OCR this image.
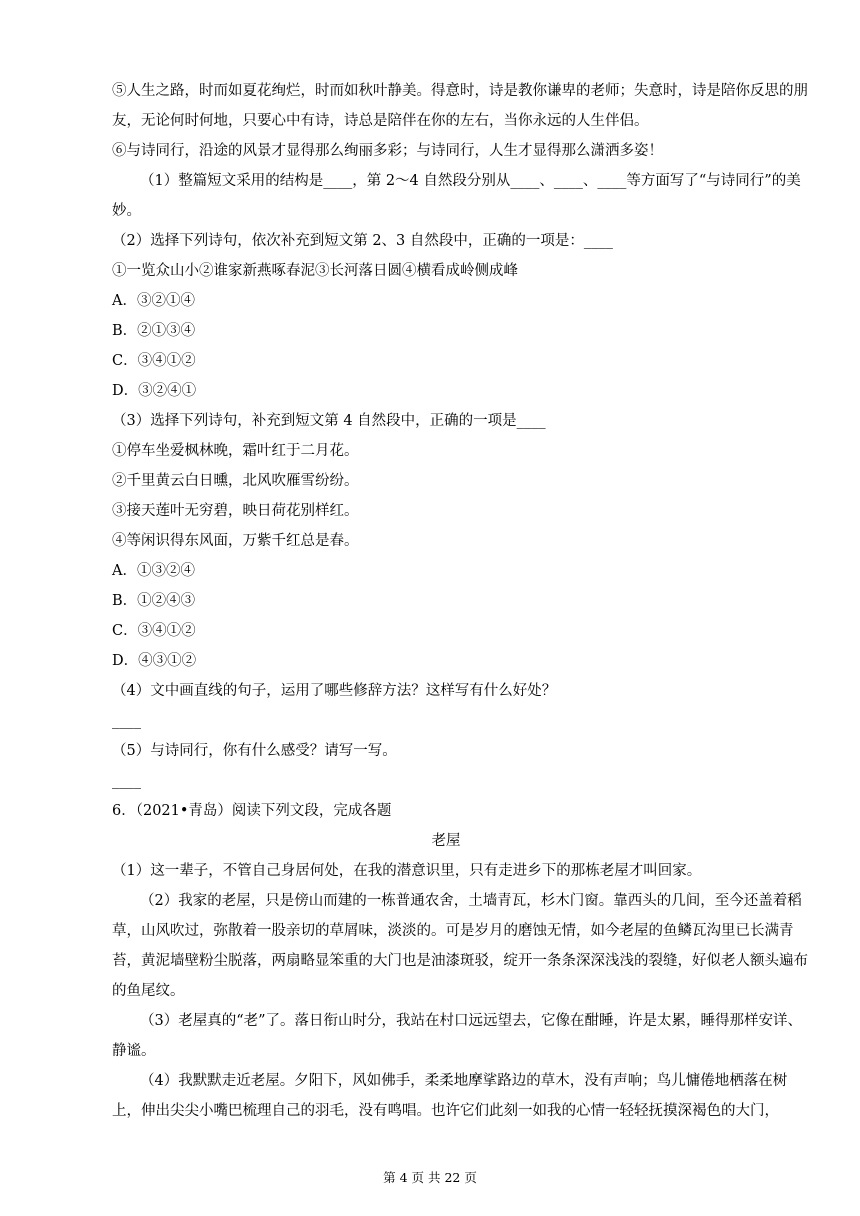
⑤人生之路，时而如夏花绚烂，时而如秋叶静美。得意时，诗是教你谦卑的老师；失意时，诗是陪你反思的朋友，无论何时何地，只要心中有诗，诗总是陪伴在你的左右，当你永远的人生伴侣。

⑥与诗同行，沿途的风景才显得那么绚丽多彩；与诗同行，人生才显得那么潇洒多姿！

（1）整篇短文采用的结构是____，第 2～4 自然段分别从____、____、____等方面写了“与诗同行”的美妙。

（2）选择下列诗句，依次补充到短文第 2、3 自然段中，正确的一项是：____

①一览众山小②谁家新燕啄春泥③长河落日圆④横看成岭侧成峰

A．③②①④

B．②①③④

C．③④①②

D．③②④①

（3）选择下列诗句，补充到短文第 4 自然段中，正确的一项是____

①停车坐爱枫林晚，霜叶红于二月花。

②千里黄云白日曛，北风吹雁雪纷纷。

③接天莲叶无穷碧，映日荷花别样红。

④等闲识得东风面，万紫千红总是春。

A．①③②④

B．①②④③

C．③④①②

D．④③①②

（4）文中画直线的句子，运用了哪些修辞方法？这样写有什么好处？

____

（5）与诗同行，你有什么感受？请写一写。

____

6．（2021•青岛）阅读下列文段，完成各题

老屋

（1）这一辈子，不管自己身居何处，在我的潜意识里，只有走进乡下的那栋老屋才叫回家。

（2）我家的老屋，只是傍山而建的一栋普通农舍，土墙青瓦，杉木门窗。靠西头的几间，至今还盖着稻草，山风吹过，弥散着一股亲切的草屑味，淡淡的。可是岁月的磨蚀无情，如今老屋的鱼鳞瓦沟里已长满青苔，黄泥墙壁粉尘脱落，两扇略显笨重的大门也是油漆斑驳，绽开一条条深深浅浅的裂缝，好似老人额头遍布的鱼尾纹。

（3）老屋真的“老”了。落日衔山时分，我站在村口远远望去，它像在酣睡，许是太累，睡得那样安详、静谧。

（4）我默默走近老屋。夕阳下，风如佛手，柔柔地摩挲路边的草木，没有声响；鸟儿慵倦地栖落在树上，伸出尖尖小嘴巴梳理自己的羽毛，没有鸣唱。也许它们此刻一如我的心情一轻轻抚摸深褐色的大门，

第 4 页 共 22 页
